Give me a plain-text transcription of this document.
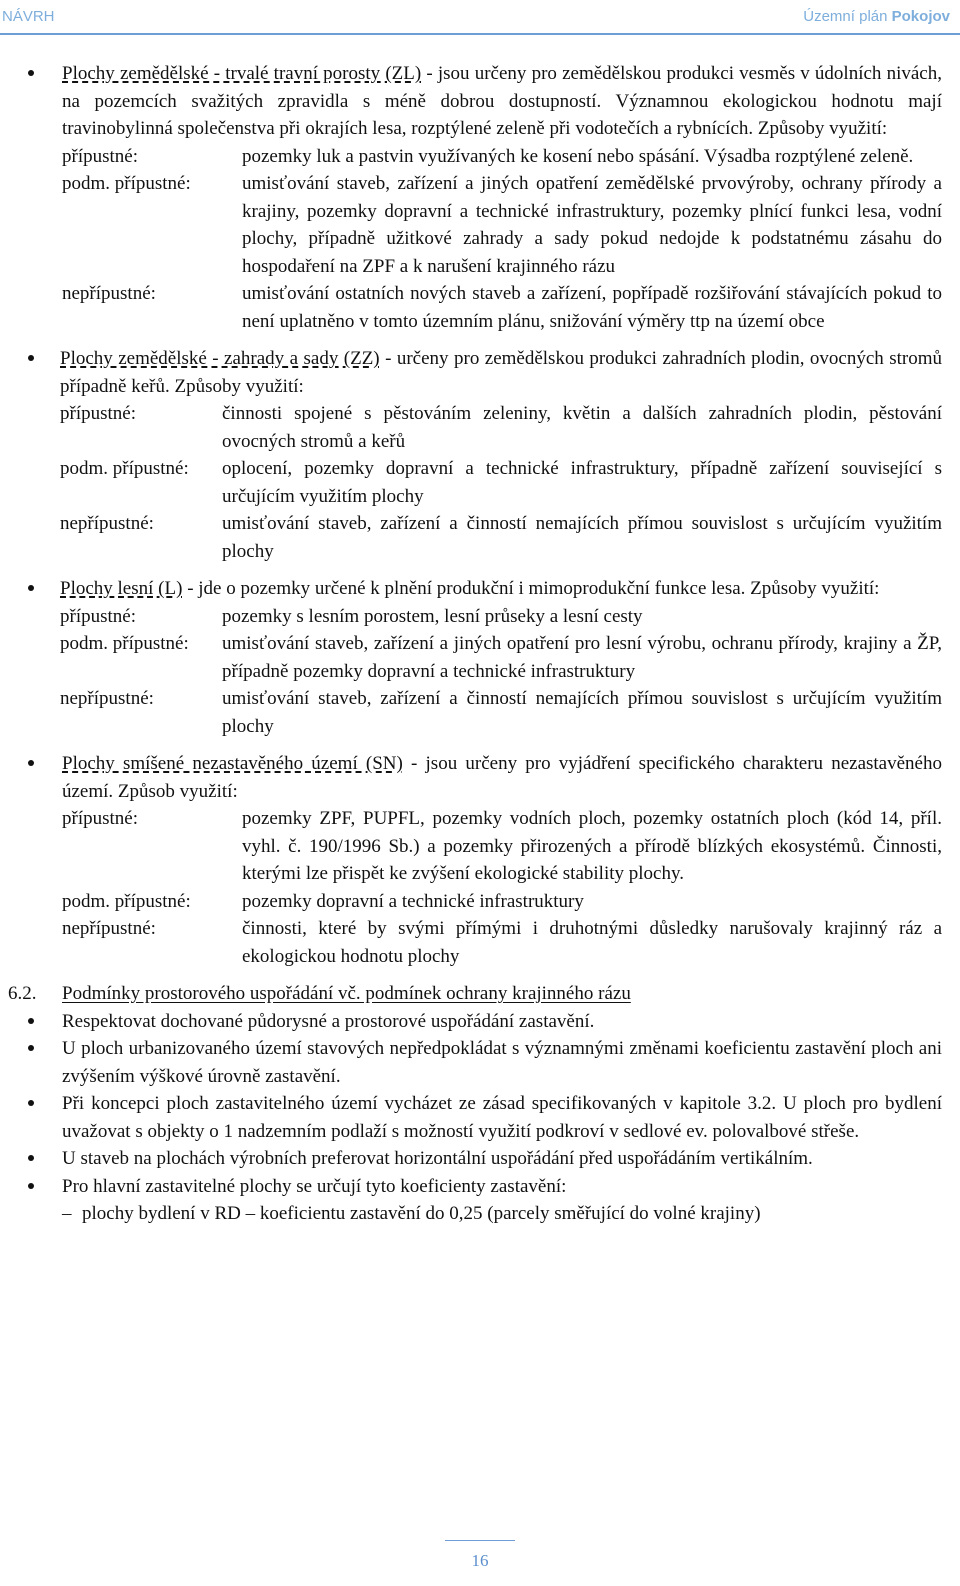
NÁVRH	Územní plán Pokojov

Plochy zemědělské - trvalé travní porosty (ZL) - jsou určeny pro zemědělskou produkci vesměs v údolních nivách, na pozemcích svažitých zpravidla s méně dobrou dostupností. Významnou ekologickou hodnotu mají travinobylinná společenstva při okrajích lesa, rozptýlené zeleně při vodotečích a rybnících. Způsoby využití:

přípustné:	pozemky luk a pastvin využívaných ke kosení nebo spásání. Výsadba rozptýlené zeleně.
podm. přípustné:	umisťování staveb, zařízení a jiných opatření zemědělské prvovýroby, ochrany přírody a krajiny, pozemky dopravní a technické infrastruktury, pozemky plnící funkci lesa, vodní plochy, případně užitkové zahrady a sady pokud nedojde k podstatnému zásahu do hospodaření na ZPF a k narušení krajinného rázu
nepřípustné:	umisťování ostatních nových staveb a zařízení, popřípadě rozšiřování stávajících pokud to není uplatněno v tomto územním plánu, snižování výměry ttp na území obce

Plochy zemědělské - zahrady a sady (ZZ) - určeny pro zemědělskou produkci zahradních plodin, ovocných stromů případně keřů. Způsoby využití:

přípustné:	činnosti spojené s pěstováním zeleniny, květin a dalších zahradních plodin, pěstování ovocných stromů a keřů
podm. přípustné:	oplocení, pozemky dopravní a technické infrastruktury, případně zařízení související s určujícím využitím plochy
nepřípustné:	umisťování staveb, zařízení a činností nemajících přímou souvislost s určujícím využitím plochy

Plochy lesní (L) - jde o pozemky určené k plnění produkční i mimoprodukční funkce lesa. Způsoby využití:

přípustné:	pozemky s lesním porostem, lesní průseky a lesní cesty
podm. přípustné:	umisťování staveb, zařízení a jiných opatření pro lesní výrobu, ochranu přírody, krajiny a ŽP, případně pozemky dopravní a technické infrastruktury
nepřípustné:	umisťování staveb, zařízení a činností nemajících přímou souvislost s určujícím využitím plochy

Plochy smíšené nezastavěného území (SN) - jsou určeny pro vyjádření specifického charakteru nezastavěného území. Způsob využití:

přípustné:	pozemky ZPF, PUPFL, pozemky vodních ploch, pozemky ostatních ploch (kód 14, příl. vyhl. č. 190/1996 Sb.) a pozemky přirozených a přírodě blízkých ekosystémů. Činnosti, kterými lze přispět ke zvýšení ekologické stability plochy.
podm. přípustné:	pozemky dopravní a technické infrastruktury
nepřípustné:	činnosti, které by svými přímými i druhotnými důsledky narušovaly krajinný ráz a ekologickou hodnotu plochy
6.2. Podmínky prostorového uspořádání vč. podmínek ochrany krajinného rázu
Respektovat dochované půdorysné a prostorové uspořádání zastavění.
U ploch urbanizovaného území stavových nepředpokládat s významnými změnami koeficientu zastavění ploch ani zvýšením výškové úrovně zastavění.
Při koncepci ploch zastavitelného území vycházet ze zásad specifikovaných v kapitole 3.2. U ploch pro bydlení uvažovat s objekty o 1 nadzemním podlaží s možností využití podkroví v sedlové ev. polovalbové střeše.
U staveb na plochách výrobních preferovat horizontální uspořádání před uspořádáním vertikálním.
Pro hlavní zastavitelné plochy se určují tyto koeficienty zastavění:
– plochy bydlení v RD – koeficientu zastavění do 0,25 (parcely směřující do volné krajiny)
16
